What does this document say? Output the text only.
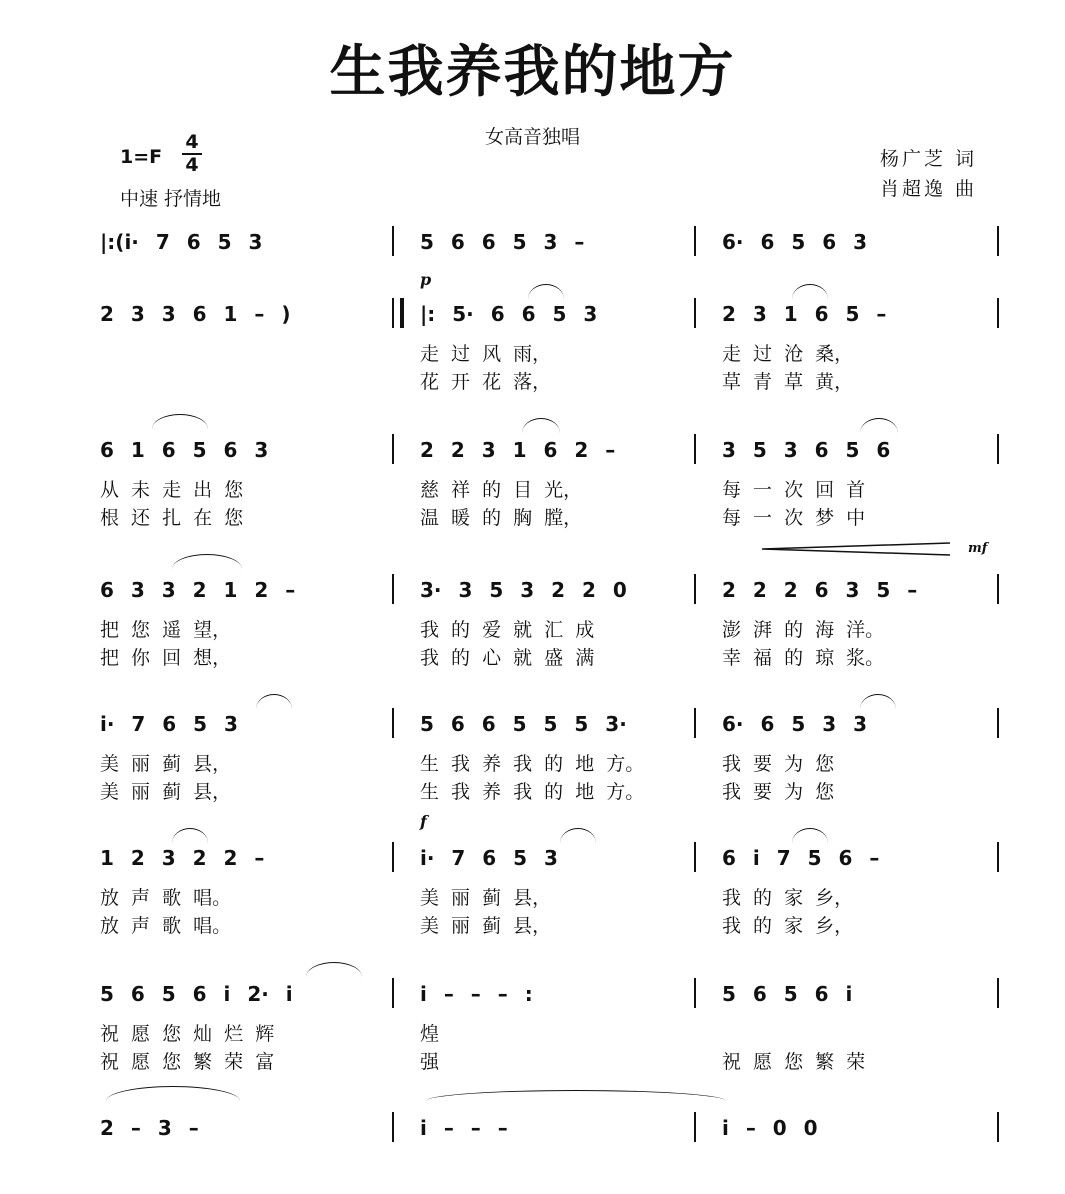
生我养我的地方
女高音独唱
1=F
4
4
中速 抒情地
杨广芝 词
肖超逸 曲
p
f
mf
|:(i· 7 6 5 3	5 6 6 5 3 –	6· 6 5 6 3
2 3 3 6 1 – )	|: 5· 6 6 5 3	2 3 1 6 5 –
走 过 风 雨，	走 过 沧 桑，
花 开 花 落，	草 青 草 黄，
6 1 6 5 6 3	2 2 3 1 6 2 –	3 5 3 6 5 6
从 未 走 出 您	慈 祥 的 目 光，	每 一 次 回 首
根 还 扎 在 您	温 暖 的 胸 膛，	每 一 次 梦 中
6 3 3 2 1 2 –	3· 3 5 3 2 2 0	2 2 2 6 3 5 –
把 您 遥 望，	我 的 爱 就 汇 成	澎 湃 的 海 洋。
把 你 回 想，	我 的 心 就 盛 满	幸 福 的 琼 浆。
i· 7 6 5 3	5 6 6 5 5 5 3·	6· 6 5 3 3
美 丽 蓟 县，	生 我 养 我 的 地 方。	我 要 为 您
美 丽 蓟 县，	生 我 养 我 的 地 方。	我 要 为 您
1 2 3 2 2 –	i· 7 6 5 3	6 i 7 5 6 –
放 声 歌 唱。	美 丽 蓟 县，	我 的 家 乡，
放 声 歌 唱。	美 丽 蓟 县，	我 的 家 乡，
5 6 5 6 i 2· i	i – – – :	5 6 5 6 i
祝 愿 您 灿 烂 辉	煌
祝 愿 您 繁 荣 富	强	祝 愿 您 繁 荣
2 – 3 –	i – – –	i – 0 0
